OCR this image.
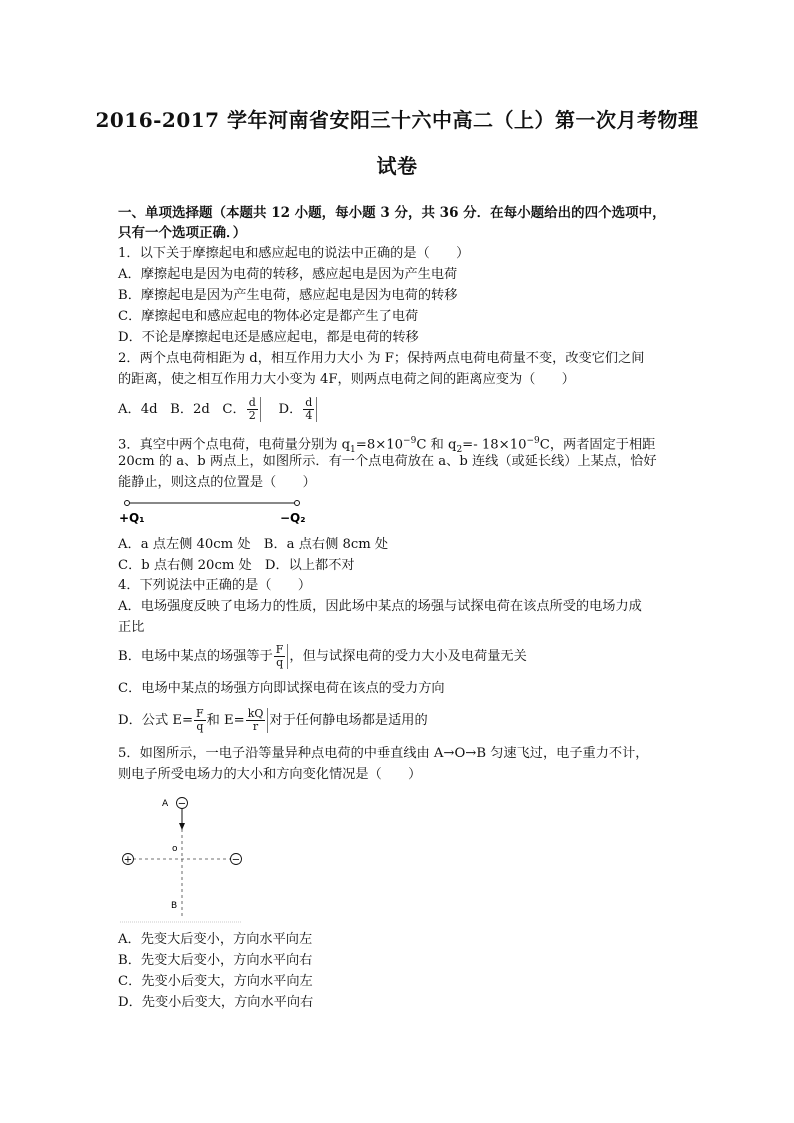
2016-2017 学年河南省安阳三十六中高二（上）第一次月考物理
试卷
一、单项选择题（本题共 12 小题，每小题 3 分，共 36 分．在每小题给出的四个选项中，
只有一个选项正确．）
1．以下关于摩擦起电和感应起电的说法中正确的是（　　）
A．摩擦起电是因为电荷的转移，感应起电是因为产生电荷
B．摩擦起电是因为产生电荷，感应起电是因为电荷的转移
C．摩擦起电和感应起电的物体必定是都产生了电荷
D．不论是摩擦起电还是感应起电，都是电荷的转移
2．两个点电荷相距为 d，相互作用力大小 为 F；保持两点电荷电荷量不变，改变它们之间
的距离，使之相互作用力大小变为 4F，则两点电荷之间的距离应变为（　　）
A．4d B．2d C． $\frac{d}{2}$ D． $\frac{d}{4}$
3．真空中两个点电荷，电荷量分别为 $q_1=8\times 10^{-9}C$ 和 $q_2=-$ $18\times 10^{-9}C$，两者固定于相距
20cm 的 a、b 两点上，如图所示．有一个点电荷放在 a、b 连线（或延长线）上某点，恰好
能静止，则这点的位置是（　　）
+Q₁	−Q₂
A．a 点左侧 40cm 处　B．a 点右侧 8cm 处
C．b 点右侧 20cm 处　D．以上都不对
4．下列说法中正确的是（　　）
A．电场强度反映了电场力的性质，因此场中某点的场强与试探电荷在该点所受的电场力成
正比
B．电场中某点的场强等于 $\frac{F}{q}$ ，但与试探电荷的受力大小及电荷量无关
C．电场中某点的场强方向即试探电荷在该点的受力方向
D．公式 $E= \frac{F}{q}$ 和 $E= \frac{kQ}{r}$ 对于任何静电场都是适用的
5．如图所示，一电子沿等量异种点电荷的中垂直线由 A→O→B 匀速飞过，电子重力不计，
则电子所受电场力的大小和方向变化情况是（　　）
−
+	−
A
o
B
A．先变大后变小，方向水平向左
B．先变大后变小，方向水平向右
C．先变小后变大，方向水平向左
D．先变小后变大，方向水平向右
